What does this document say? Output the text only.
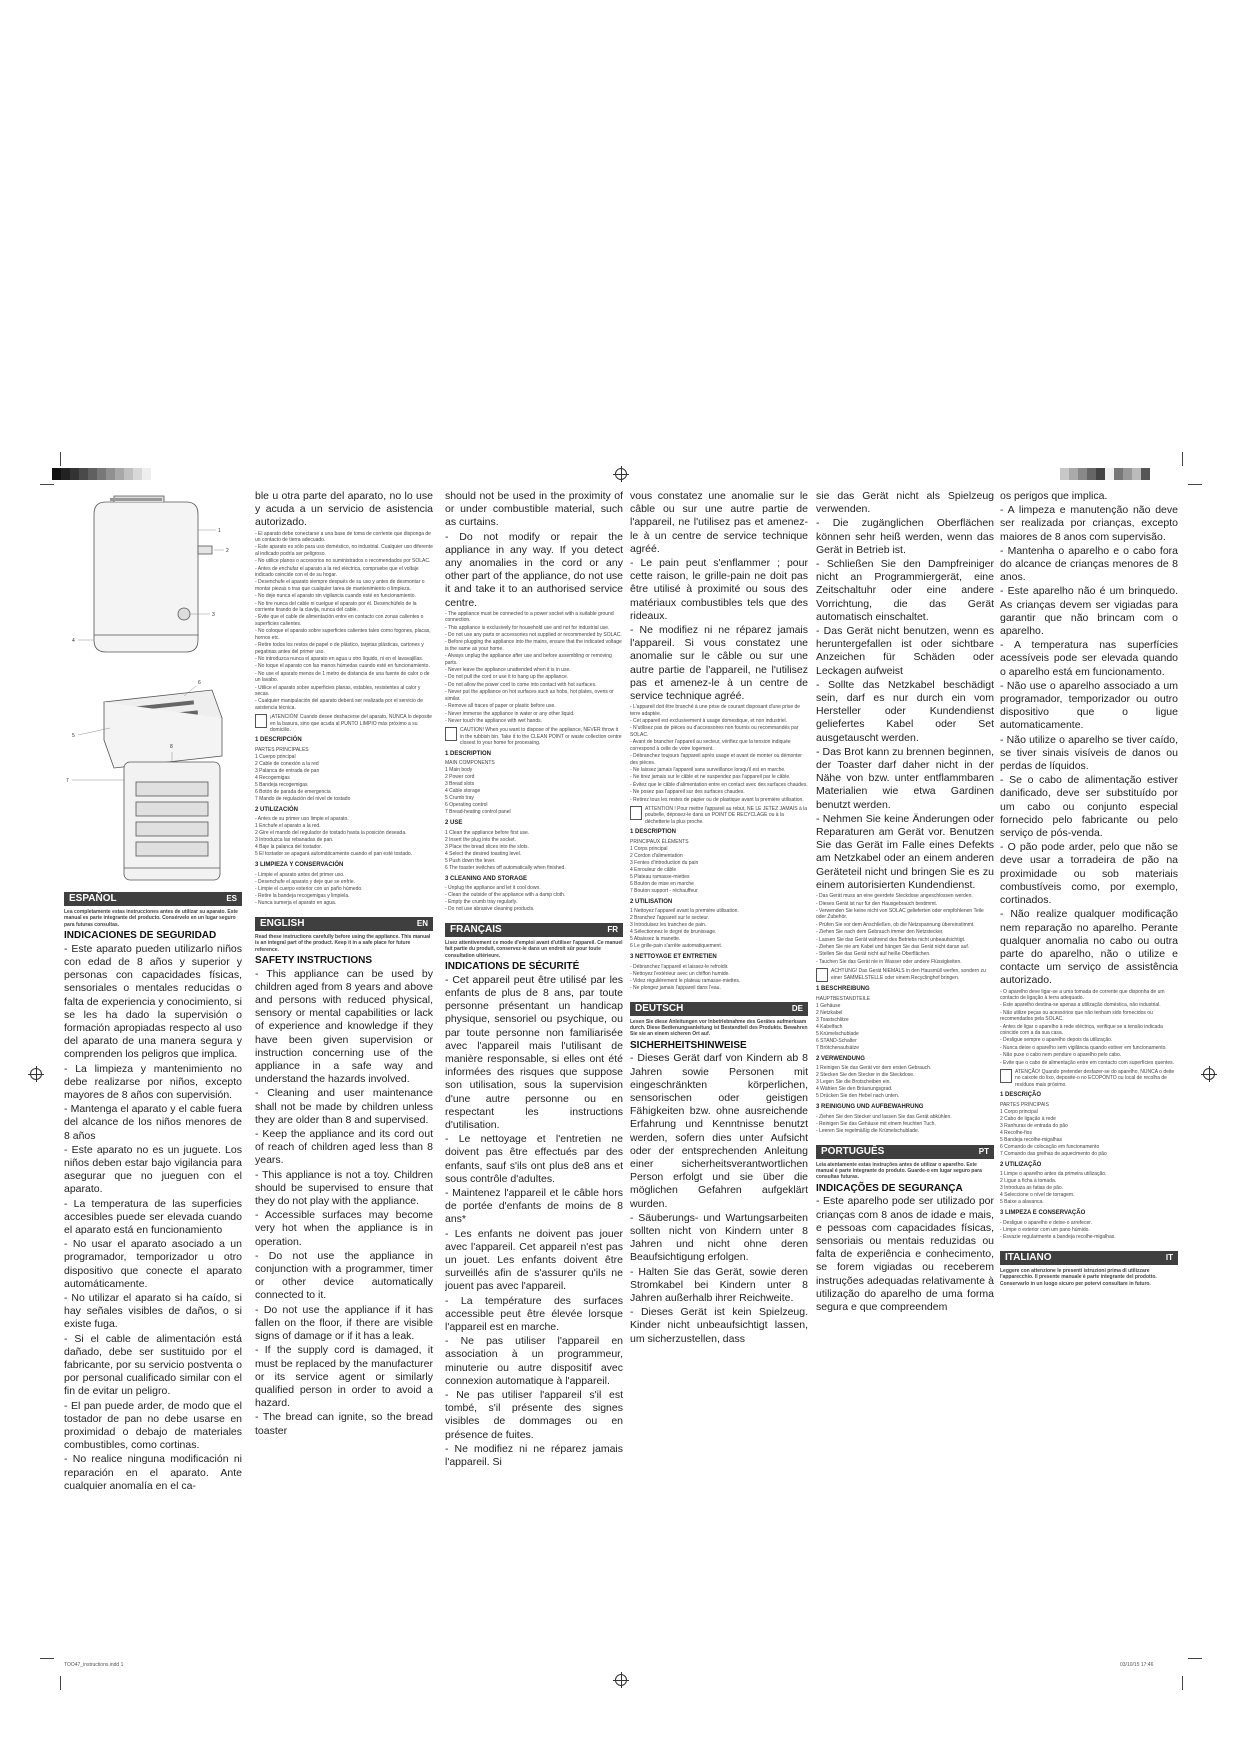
1
2
3
4
5
6
7
8
ESPAÑOL	ES
Lea completamente estas instrucciones antes de utilizar su aparato. Este manual es parte integrante del producto. Consérvelo en un lugar seguro para futuras consultas.
INDICACIONES DE SEGURIDAD
- Este aparato pueden utilizarlo niños con edad de 8 años y superior y personas con capacidades físicas, sensoriales o mentales reducidas o falta de experiencia y conocimiento, si se les ha dado la supervisión o formación apropiadas respecto al uso del aparato de una manera segura y comprenden los peligros que implica.
- La limpieza y mantenimiento no debe realizarse por niños, excepto mayores de 8 años con supervisión.
- Mantenga el aparato y el cable fuera del alcance de los niños menores de 8 años
- Este aparato no es un juguete. Los niños deben estar bajo vigilancia para asegurar que no jueguen con el aparato.
- La temperatura de las superficies accesibles puede ser elevada cuando el aparato está en funcionamiento
- No usar el aparato asociado a un programador, temporizador u otro dispositivo que conecte el aparato automáticamente.
- No utilizar el aparato si ha caído, si hay señales visibles de daños, o si existe fuga.
- Si el cable de alimentación está dañado, debe ser sustituido por el fabricante, por su servicio postventa o por personal cualificado similar con el fin de evitar un peligro.
- El pan puede arder, de modo que el tostador de pan no debe usarse en proximidad o debajo de materiales combustibles, como cortinas.
- No realice ninguna modificación ni reparación en el aparato. Ante cualquier anomalía en el ca-
ble u otra parte del aparato, no lo use y acuda a un servicio de asistencia autorizado.
- El aparato debe conectarse a una base de toma de corriente que disponga de un contacto de tierra adecuado.
- Este aparato es sólo para uso doméstico, no industrial. Cualquier uso diferente al indicado podría ser peligroso.
- No utilice planos o accesorios no suministrados o recomendados por SOLAC.
- Antes de enchufar el aparato a la red eléctrica, compruebe que el voltaje indicado coincide con el de su hogar.
- Desenchufe el aparato siempre después de su uso y antes de desmontar o montar piezas o tras que cualquier tarea de mantenimiento o limpieza.
- No deje nunca el aparato sin vigilancia cuando esté en funcionamiento.
- No tire nunca del cable ni cuelgue el aparato por él. Desenchúfelo de la corriente tirando de la clavija, nunca del cable.
- Evite que el cable de alimentación entre en contacto con zonas calientes o superficies calientes.
- No coloque el aparato sobre superficies calientes tales como fogones, placas, hornos etc.
- Retire todos los restos de papel o de plástico, tarjetas plásticas, cartones y pegatinas antes del primer uso.
- No introduzca nunca el aparato en agua u otro líquido, ni en el lavavajillas.
- No toque el aparato con las manos húmedas cuando esté en funcionamiento.
- No use el aparato menos de 1 metro de distancia de una fuente de calor o de un lavabo.
- Utilice el aparato sobre superficies planas, estables, resistentes al calor y secas.
- Cualquier manipulación del aparato deberá ser realizada por el servicio de asistencia técnica.
¡ATENCIÓN! Cuando desee deshacerse del aparato, NUNCA lo deposite en la basura, sino que acuda al PUNTO LIMPIO más próximo a su domicilio.
1 DESCRIPCIÓN
PARTES PRINCIPALES
1 Cuerpo principal
2 Cable de conexión a la red
3 Palanca de entrada de pan
4 Recogemigas
5 Bandeja recogemigas
6 Botón de parada de emergencia
7 Mando de regulación del nivel de tostado
2 UTILIZACIÓN
- Antes de su primer uso limpie el aparato.
1 Enchufe el aparato a la red.
2 Gire el mando del regulador de tostado hasta la posición deseada.
3 Introduzca las rebanadas de pan.
4 Baje la palanca del tostador.
5 El tostador se apagará automáticamente cuando el pan esté tostado.
3 LIMPIEZA Y CONSERVACIÓN
- Limpie el aparato antes del primer uso.
- Desenchufe el aparato y deje que se enfríe.
- Limpie el cuerpo exterior con un paño húmedo.
- Retire la bandeja recogemigas y limpiela.
- Nunca sumerja el aparato en agua.
ENGLISH	EN
Read these instructions carefully before using the appliance. This manual is an integral part of the product. Keep it in a safe place for future reference.
SAFETY INSTRUCTIONS
- This appliance can be used by children aged from 8 years and above and persons with reduced physical, sensory or mental capabilities or lack of experience and knowledge if they have been given supervision or instruction concerning use of the appliance in a safe way and understand the hazards involved.
- Cleaning and user maintenance shall not be made by children unless they are older than 8 and supervised.
- Keep the appliance and its cord out of reach of children aged less than 8 years.
- This appliance is not a toy. Children should be supervised to ensure that they do not play with the appliance.
- Accessible surfaces may become very hot when the appliance is in operation.
- Do not use the appliance in conjunction with a programmer, timer or other device automatically connected to it.
- Do not use the appliance if it has fallen on the floor, if there are visible signs of damage or if it has a leak.
- If the supply cord is damaged, it must be replaced by the manufacturer or its service agent or similarly qualified person in order to avoid a hazard.
- The bread can ignite, so the bread toaster
should not be used in the proximity of or under combustible material, such as curtains.
- Do not modify or repair the appliance in any way. If you detect any anomalies in the cord or any other part of the appliance, do not use it and take it to an authorised service centre.
- The appliance must be connected to a power socket with a suitable ground connection.
- This appliance is exclusively for household use and not for industrial use.
- Do not use any parts or accessories not supplied or recommended by SOLAC.
- Before plugging the appliance into the mains, ensure that the indicated voltage is the same as your home.
- Always unplug the appliance after use and before assembling or removing parts.
- Never leave the appliance unattended when it is in use.
- Do not pull the cord or use it to hang up the appliance.
- Do not allow the power cord to come into contact with hot surfaces.
- Never put the appliance on hot surfaces such as hobs, hot plates, ovens or similar.
- Remove all traces of paper or plastic before use.
- Never immerse the appliance in water or any other liquid.
- Never touch the appliance with wet hands.
CAUTION! When you want to dispose of the appliance, NEVER throw it in the rubbish bin. Take it to the CLEAN POINT or waste collection centre closest to your home for processing.
1 DESCRIPTION
MAIN COMPONENTS
1 Main body
2 Power cord
3 Bread slots
4 Cable storage
5 Crumb tray
6 Operating control
7 Bread-heating control panel
2 USE
1 Clean the appliance before first use.
2 Insert the plug into the socket.
3 Place the bread slices into the slots.
4 Select the desired toasting level.
5 Push down the lever.
6 The toaster switches off automatically when finished.
3 CLEANING AND STORAGE
- Unplug the appliance and let it cool down.
- Clean the outside of the appliance with a damp cloth.
- Empty the crumb tray regularly.
- Do not use abrasive cleaning products.
FRANÇAIS	FR
Lisez attentivement ce mode d'emploi avant d'utiliser l'appareil. Ce manuel fait partie du produit, conservez-le dans un endroit sûr pour toute consultation ultérieure.
INDICATIONS DE SÉCURITÉ
- Cet appareil peut être utilisé par les enfants de plus de 8 ans, par toute personne présentant un handicap physique, sensoriel ou psychique, ou par toute personne non familiarisée avec l'appareil mais l'utilisant de manière responsable, si elles ont été informées des risques que suppose son utilisation, sous la supervision d'une autre personne ou en respectant les instructions d'utilisation.
- Le nettoyage et l'entretien ne doivent pas être effectués par des enfants, sauf s'ils ont plus de8 ans et sous contrôle d'adultes.
- Maintenez l'appareil et le câble hors de portée d'enfants de moins de 8 ans*
- Les enfants ne doivent pas jouer avec l'appareil. Cet appareil n'est pas un jouet. Les enfants doivent être surveillés afin de s'assurer qu'ils ne jouent pas avec l'appareil.
- La température des surfaces accessible peut être élevée lorsque l'appareil est en marche.
- Ne pas utiliser l'appareil en association à un programmeur, minuterie ou autre dispositif avec connexion automatique à l'appareil.
- Ne pas utiliser l'appareil s'il est tombé, s'il présente des signes visibles de dommages ou en présence de fuites.
- Ne modifiez ni ne réparez jamais l'appareil. Si
vous constatez une anomalie sur le câble ou sur une autre partie de l'appareil, ne l'utilisez pas et amenez-le à un centre de service technique agréé.
- Le pain peut s'enflammer ; pour cette raison, le grille-pain ne doit pas être utilisé à proximité ou sous des matériaux combustibles tels que des rideaux.
- Ne modifiez ni ne réparez jamais l'appareil. Si vous constatez une anomalie sur le câble ou sur une autre partie de l'appareil, ne l'utilisez pas et amenez-le à un centre de service technique agréé.
- L'appareil doit être branché à une prise de courant disposant d'une prise de terre adaptée.
- Cet appareil est exclusivement à usage domestique, et non industriel.
- N'utilisez pas de pièces ou d'accessoires non fournis ou recommandés par SOLAC.
- Avant de brancher l'appareil au secteur, vérifiez que la tension indiquée correspond à celle de votre logement.
- Débranchez toujours l'appareil après usage et avant de monter ou démonter des pièces.
- Ne laissez jamais l'appareil sans surveillance lorsqu'il est en marche.
- Ne tirez jamais sur le câble et ne suspendez pas l'appareil par le câble.
- Évitez que le câble d'alimentation entre en contact avec des surfaces chaudes.
- Ne posez pas l'appareil sur des surfaces chaudes.
- Retirez tous les restes de papier ou de plastique avant la première utilisation.
ATTENTION ! Pour mettre l'appareil au rebut, NE LE JETEZ JAMAIS à la poubelle, déposez-le dans un POINT DE RECYCLAGE ou à la déchetterie la plus proche.
1 DESCRIPTION
PRINCIPAUX ÉLÉMENTS
1 Corps principal
2 Cordon d'alimentation
3 Fentes d'introduction du pain
4 Enrouleur de câble
5 Plateau ramasse-miettes
6 Bouton de mise en marche
7 Bouton support - réchauffeur
2 UTILISATION
1 Nettoyez l'appareil avant la première utilisation.
2 Branchez l'appareil sur le secteur.
3 Introduisez les tranches de pain.
4 Sélectionnez le degré de brunissage.
5 Abaissez la manette.
6 Le grille-pain s'arrête automatiquement.
3 NETTOYAGE ET ENTRETIEN
- Débranchez l'appareil et laissez-le refroidir.
- Nettoyez l'extérieur avec un chiffon humide.
- Videz régulièrement le plateau ramasse-miettes.
- Ne plongez jamais l'appareil dans l'eau.
DEUTSCH	DE
Lesen Sie diese Anleitungen vor Inbetriebnahme des Gerätes aufmerksam durch. Diese Bedienungsanleitung ist Bestandteil des Produkts. Bewahren Sie sie an einem sicheren Ort auf.
SICHERHEITSHINWEISE
- Dieses Gerät darf von Kindern ab 8 Jahren sowie Personen mit eingeschränkten körperlichen, sensorischen oder geistigen Fähigkeiten bzw. ohne ausreichende Erfahrung und Kenntnisse benutzt werden, sofern dies unter Aufsicht oder der entsprechenden Anleitung einer sicherheitsverantwortlichen Person erfolgt und sie über die möglichen Gefahren aufgeklärt wurden.
- Säuberungs- und Wartungsarbeiten sollten nicht von Kindern unter 8 Jahren und nicht ohne deren Beaufsichtigung erfolgen.
- Halten Sie das Gerät, sowie deren Stromkabel bei Kindern unter 8 Jahren außerhalb ihrer Reichweite.
- Dieses Gerät ist kein Spielzeug. Kinder nicht unbeaufsichtigt lassen, um sicherzustellen, dass
sie das Gerät nicht als Spielzeug verwenden.
- Die zugänglichen Oberflächen können sehr heiß werden, wenn das Gerät in Betrieb ist.
- Schließen Sie den Dampfreiniger nicht an Programmiergerät, eine Zeitschaltuhr oder eine andere Vorrichtung, die das Gerät automatisch einschaltet.
- Das Gerät nicht benutzen, wenn es heruntergefallen ist oder sichtbare Anzeichen für Schäden oder Leckagen aufweist
- Sollte das Netzkabel beschädigt sein, darf es nur durch ein vom Hersteller oder Kundendienst geliefertes Kabel oder Set ausgetauscht werden.
- Das Brot kann zu brennen beginnen, der Toaster darf daher nicht in der Nähe von bzw. unter entflammbaren Materialien wie etwa Gardinen benutzt werden.
- Nehmen Sie keine Änderungen oder Reparaturen am Gerät vor. Benutzen Sie das Gerät im Falle eines Defekts am Netzkabel oder an einem anderen Geräteteil nicht und bringen Sie es zu einem autorisierten Kundendienst.
- Das Gerät muss an eine geerdete Steckdose angeschlossen werden.
- Dieses Gerät ist nur für den Hausgebrauch bestimmt.
- Verwenden Sie keine nicht von SOLAC gelieferten oder empfohlenen Teile oder Zubehör.
- Prüfen Sie vor dem Anschließen, ob die Netzspannung übereinstimmt.
- Ziehen Sie nach dem Gebrauch immer den Netzstecker.
- Lassen Sie das Gerät während des Betriebs nicht unbeaufsichtigt.
- Ziehen Sie nie am Kabel und hängen Sie das Gerät nicht daran auf.
- Stellen Sie das Gerät nicht auf heiße Oberflächen.
- Tauchen Sie das Gerät nie in Wasser oder andere Flüssigkeiten.
ACHTUNG! Das Gerät NIEMALS in den Hausmüll werfen, sondern zu einer SAMMELSTELLE oder einem Recyclinghof bringen.
1 BESCHREIBUNG
HAUPTBESTANDTEILE
1 Gehäuse
2 Netzkabel
3 Toastschlitze
4 Kabelfach
5 Krümelschublade
6 STAND-Schalter
7 Brötchenaufsätze
2 VERWENDUNG
1 Reinigen Sie das Gerät vor dem ersten Gebrauch.
2 Stecken Sie den Stecker in die Steckdose.
3 Legen Sie die Brotscheiben ein.
4 Wählen Sie den Bräunungsgrad.
5 Drücken Sie den Hebel nach unten.
3 REINIGUNG UND AUFBEWAHRUNG
- Ziehen Sie den Stecker und lassen Sie das Gerät abkühlen.
- Reinigen Sie das Gehäuse mit einem feuchten Tuch.
- Leeren Sie regelmäßig die Krümelschublade.
PORTUGUÊS	PT
Leia atentamente estas instruções antes de utilizar o aparelho. Este manual é parte integrante do produto. Guarde-o em lugar seguro para consultas futuras.
INDICAÇÕES DE SEGURANÇA
- Este aparelho pode ser utilizado por crianças com 8 anos de idade e mais, e pessoas com capacidades físicas, sensoriais ou mentais reduzidas ou falta de experiência e conhecimento, se forem vigiadas ou receberem instruções adequadas relativamente à utilização do aparelho de uma forma segura e que compreendem
os perigos que implica.
- A limpeza e manutenção não deve ser realizada por crianças, excepto maiores de 8 anos com supervisão.
- Mantenha o aparelho e o cabo fora do alcance de crianças menores de 8 anos.
- Este aparelho não é um brinquedo. As crianças devem ser vigiadas para garantir que não brincam com o aparelho.
- A temperatura nas superfícies acessíveis pode ser elevada quando o aparelho está em funcionamento.
- Não use o aparelho associado a um programador, temporizador ou outro dispositivo que o ligue automaticamente.
- Não utilize o aparelho se tiver caído, se tiver sinais visíveis de danos ou perdas de líquidos.
- Se o cabo de alimentação estiver danificado, deve ser substituído por um cabo ou conjunto especial fornecido pelo fabricante ou pelo serviço de pós-venda.
- O pão pode arder, pelo que não se deve usar a torradeira de pão na proximidade ou sob materiais combustíveis como, por exemplo, cortinados.
- Não realize qualquer modificação nem reparação no aparelho. Perante qualquer anomalia no cabo ou outra parte do aparelho, não o utilize e contacte um serviço de assistência autorizado.
- O aparelho deve ligar-se a uma tomada de corrente que disponha de um contacto de ligação à terra adequado.
- Este aparelho destina-se apenas a utilização doméstica, não industrial.
- Não utilize peças ou acessórios que não tenham sido fornecidos ou recomendados pela SOLAC.
- Antes de ligar o aparelho à rede eléctrica, verifique se a tensão indicada coincide com a da sua casa.
- Desligue sempre o aparelho depois da utilização.
- Nunca deixe o aparelho sem vigilância quando estiver em funcionamento.
- Não puxe o cabo nem pendure o aparelho pelo cabo.
- Evite que o cabo de alimentação entre em contacto com superfícies quentes.
ATENÇÃO! Quando pretender desfazer-se do aparelho, NUNCA o deite no caixote do lixo, deposite-o no ECOPONTO ou local de recolha de resíduos mais próximo.
1 DESCRIÇÃO
PARTES PRINCIPAIS
1 Corpo principal
2 Cabo de ligação à rede
3 Ranhuras de entrada do pão
4 Recolhe-fios
5 Bandeja recolhe-migalhas
6 Comando de colocação em funcionamento
7 Comando das grelhas de aquecimento do pão
2 UTILIZAÇÃO
1 Limpe o aparelho antes da primeira utilização.
2 Ligue a ficha à tomada.
3 Introduza as fatias de pão.
4 Seleccione o nível de torragem.
5 Baixe a alavanca.
3 LIMPEZA E CONSERVAÇÃO
- Desligue o aparelho e deixe-o arrefecer.
- Limpe o exterior com um pano húmido.
- Esvazie regularmente a bandeja recolhe-migalhas.
ITALIANO	IT
Leggere con attenzione le presenti istruzioni prima di utilizzare l'apparecchio. Il presente manuale è parte integrante del prodotto. Conservarlo in un luogo sicuro per potervi consultare in futuro.
TOO47_instructions.indd 1	03/10/15 17:46
